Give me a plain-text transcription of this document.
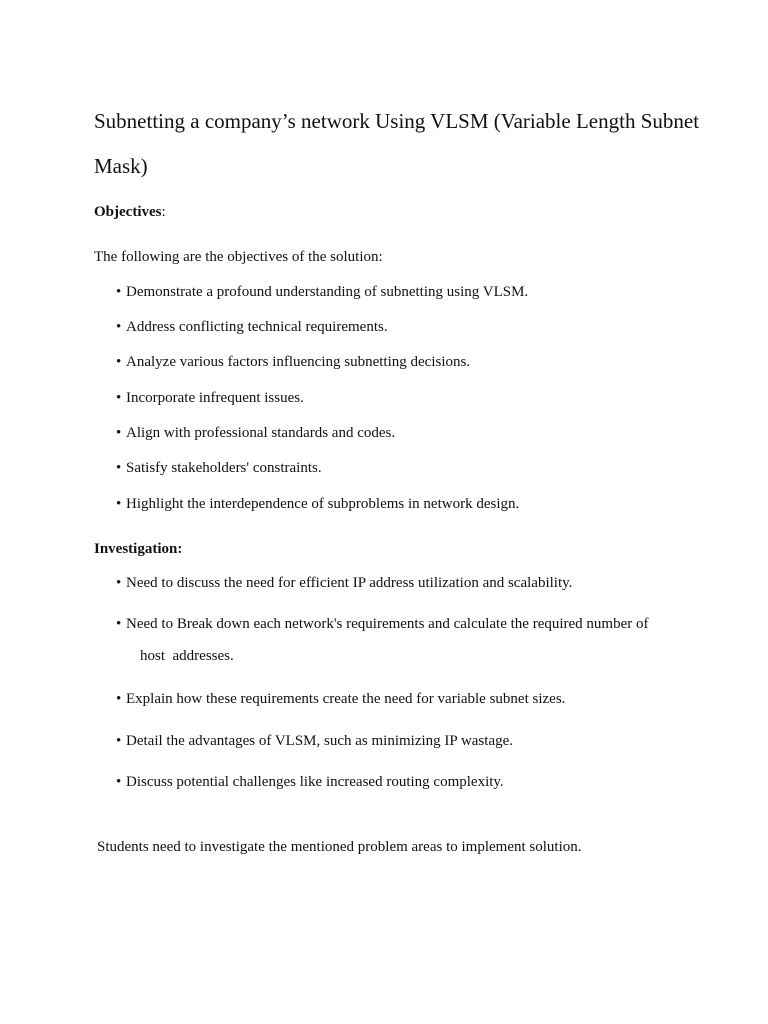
Subnetting a company’s network Using VLSM (Variable Length Subnet Mask)

Objectives:

The following are the objectives of the solution:

• Demonstrate a profound understanding of subnetting using VLSM.
• Address conflicting technical requirements.
• Analyze various factors influencing subnetting decisions.
• Incorporate infrequent issues.
• Align with professional standards and codes.
• Satisfy stakeholders' constraints.
• Highlight the interdependence of subproblems in network design.

Investigation:

• Need to discuss the need for efficient IP address utilization and scalability.
• Need to Break down each network's requirements and calculate the required number of
host  addresses.
• Explain how these requirements create the need for variable subnet sizes.
• Detail the advantages of VLSM, such as minimizing IP wastage.
• Discuss potential challenges like increased routing complexity.

Students need to investigate the mentioned problem areas to implement solution.
